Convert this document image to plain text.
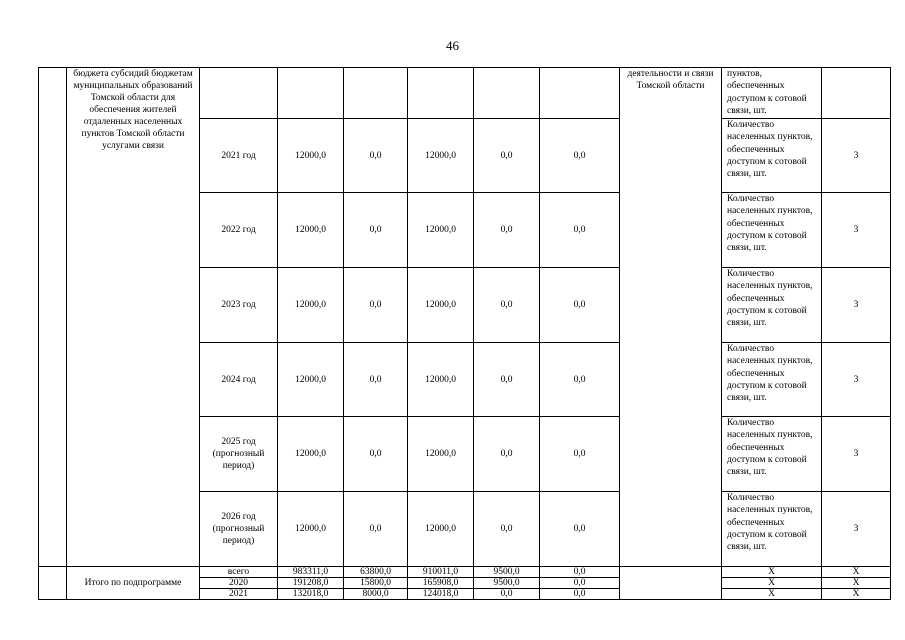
46
	бюджета субсидий бюджетам муниципальных образований Томской области для обеспечения жителей отдаленных населенных пунктов Томской области услугами связи							деятельности и связи Томской области	пунктов, обеспеченных доступом к сотовой связи, шт.	
		2021 год	12000,0	0,0	12000,0	0,0	0,0		Количество населенных пунктов, обеспеченных доступом к сотовой связи, шт.	3
		2022 год	12000,0	0,0	12000,0	0,0	0,0		Количество населенных пунктов, обеспеченных доступом к сотовой связи, шт.	3
		2023 год	12000,0	0,0	12000,0	0,0	0,0		Количество населенных пунктов, обеспеченных доступом к сотовой связи, шт.	3
		2024 год	12000,0	0,0	12000,0	0,0	0,0		Количество населенных пунктов, обеспеченных доступом к сотовой связи, шт.	3
		2025 год (прогнозный период)	12000,0	0,0	12000,0	0,0	0,0		Количество населенных пунктов, обеспеченных доступом к сотовой связи, шт.	3
		2026 год (прогнозный период)	12000,0	0,0	12000,0	0,0	0,0		Количество населенных пунктов, обеспеченных доступом к сотовой связи, шт.	3
	Итого по подпрограмме	всего	983311,0	63800,0	910011,0	9500,0	0,0		X	X
		2020	191208,0	15800,0	165908,0	9500,0	0,0		X	X
		2021	132018,0	8000,0	124018,0	0,0	0,0		X	X
